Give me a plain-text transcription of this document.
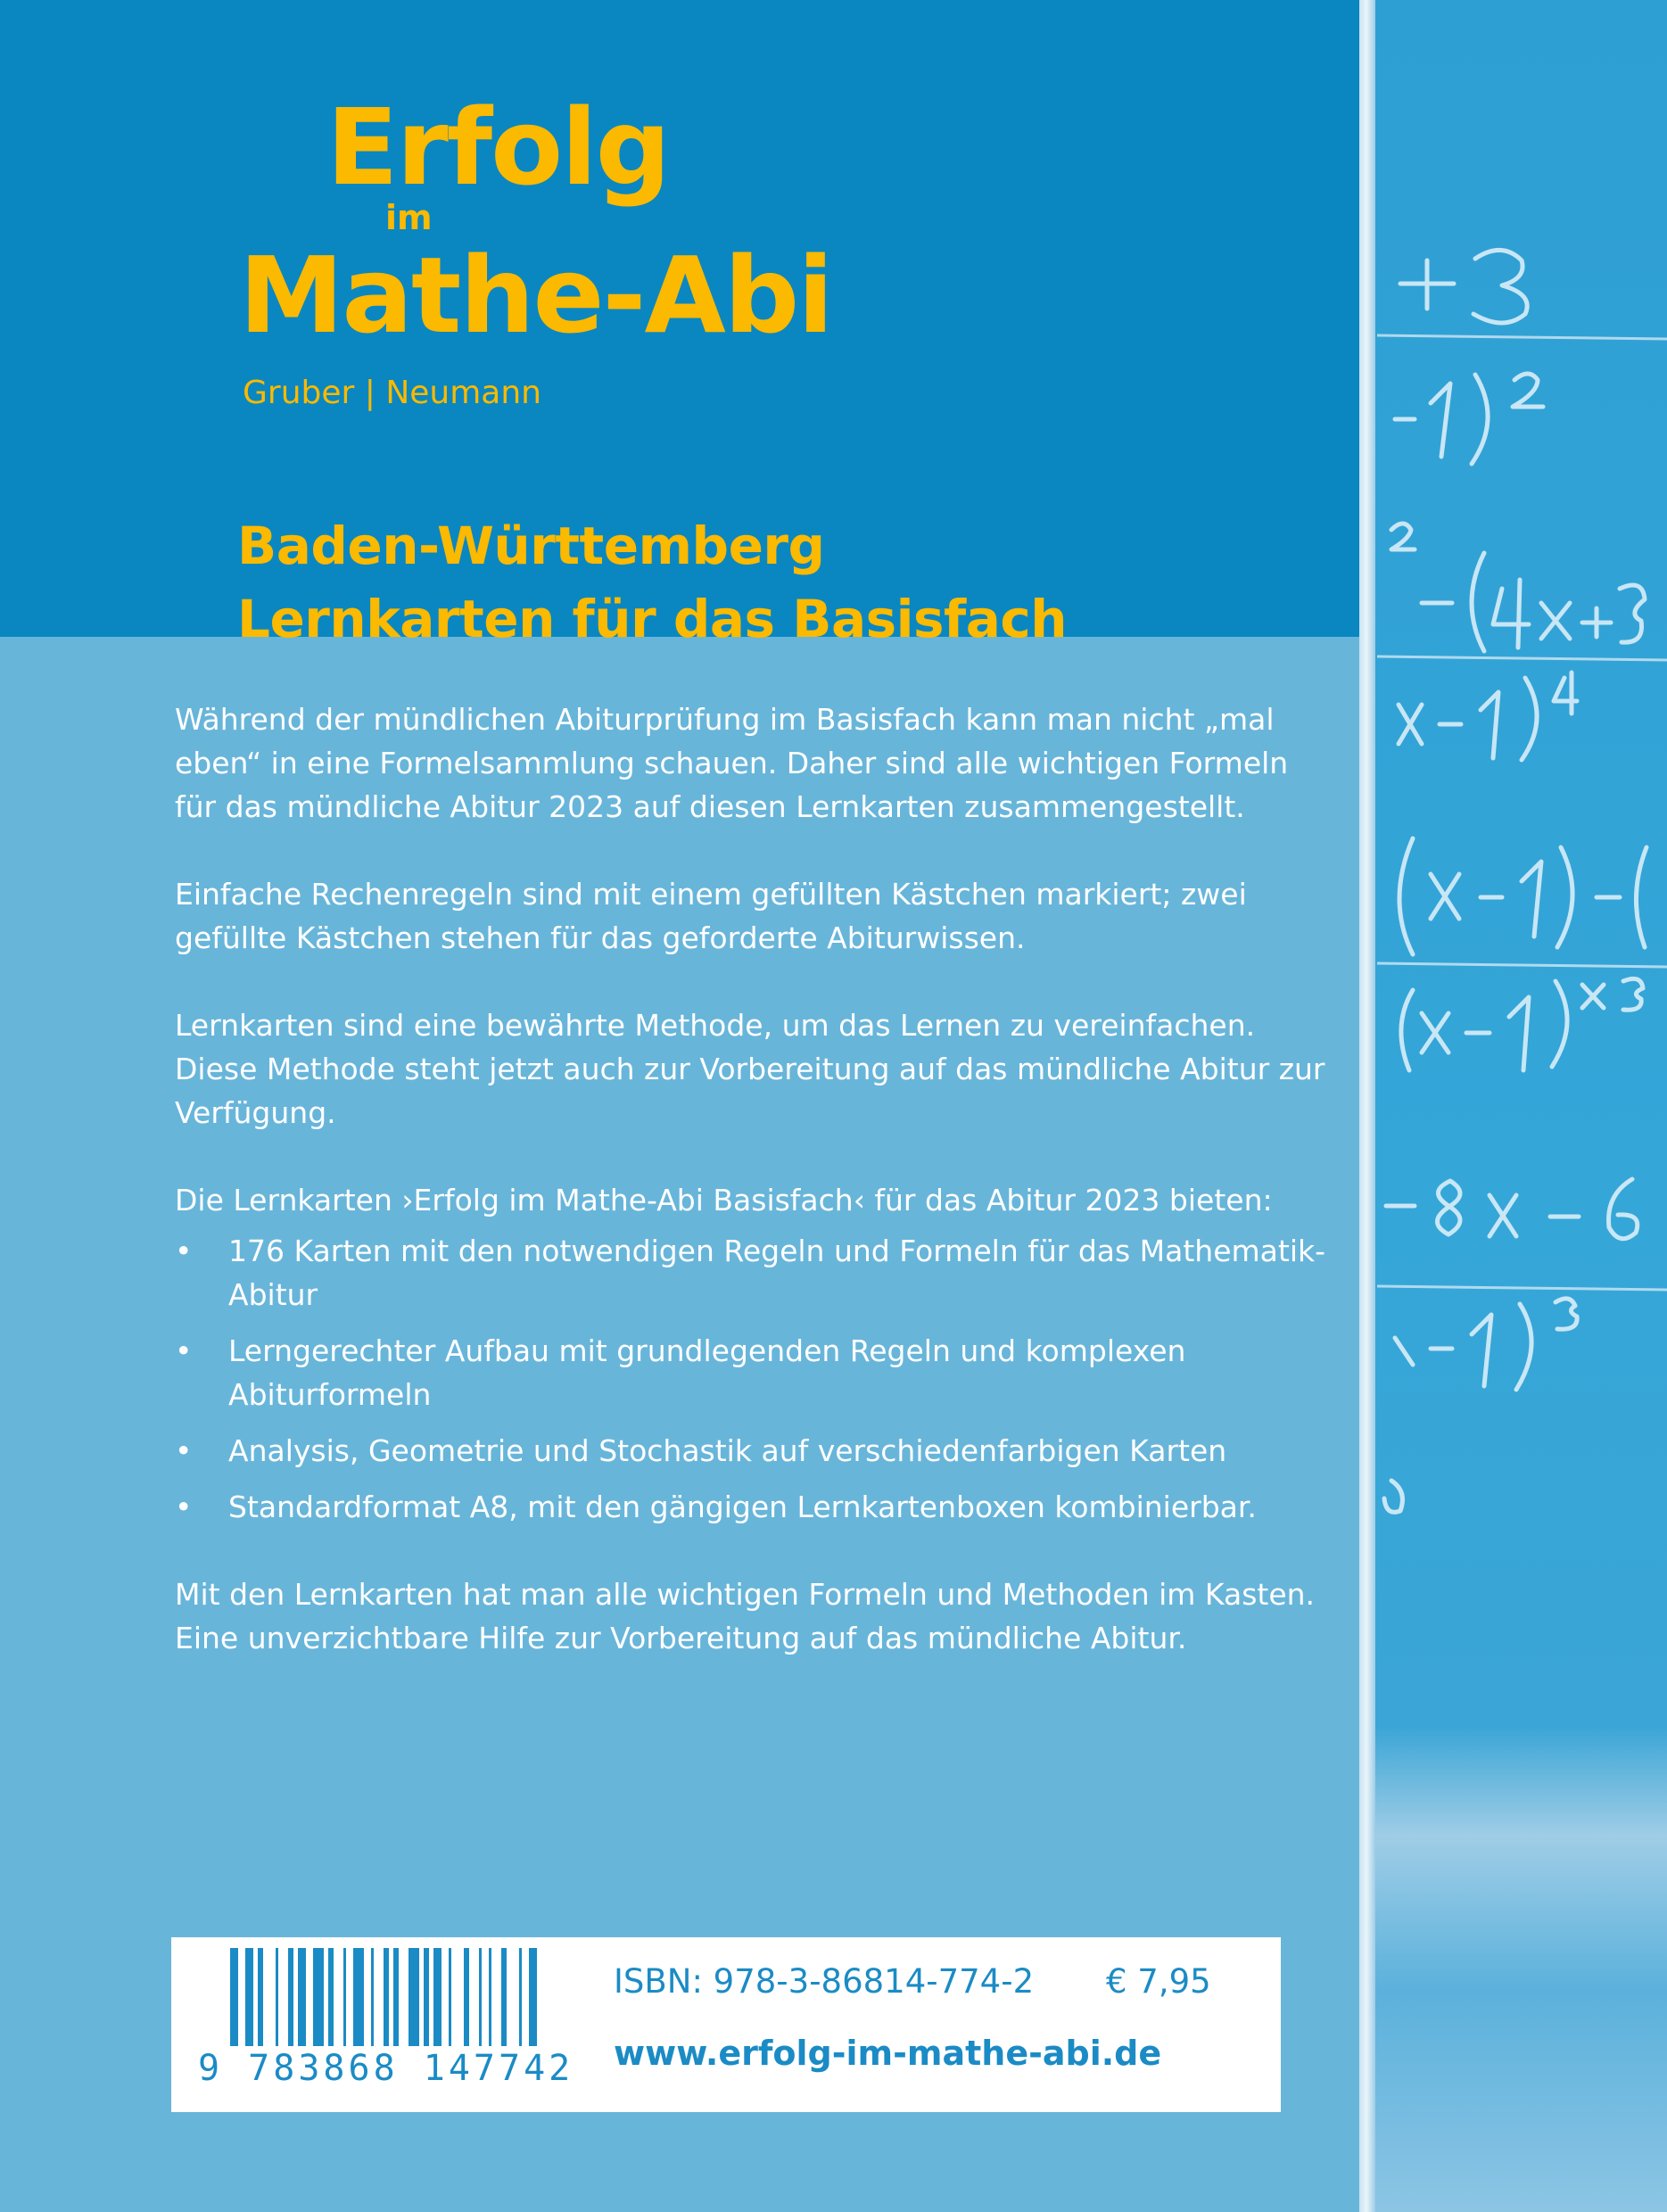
Erfolg
im
Mathe-Abi
Gruber | Neumann
Baden-Württemberg
Lernkarten für das Basisfach

Während der mündlichen Abiturprüfung im Basisfach kann man nicht „mal eben“ in eine Formelsammlung schauen. Daher sind alle wichtigen Formeln für das mündliche Abitur 2023 auf diesen Lernkarten zusammengestellt.

Einfache Rechenregeln sind mit einem gefüllten Kästchen markiert; zwei gefüllte Kästchen stehen für das geforderte Abiturwissen.

Lernkarten sind eine bewährte Methode, um das Lernen zu vereinfachen. Diese Methode steht jetzt auch zur Vorbereitung auf das mündliche Abitur zur Verfügung.

Die Lernkarten ›Erfolg im Mathe-Abi Basisfach‹ für das Abitur 2023 bieten:

• 176 Karten mit den notwendigen Regeln und Formeln für das Mathematik-Abitur
• Lerngerechter Aufbau mit grundlegenden Regeln und komplexen Abiturformeln
• Analysis, Geometrie und Stochastik auf verschiedenfarbigen Karten
• Standardformat A8, mit den gängigen Lernkartenboxen kombinierbar.

Mit den Lernkarten hat man alle wichtigen Formeln und Methoden im Kasten. Eine unverzichtbare Hilfe zur Vorbereitung auf das mündliche Abitur.

9 783868 147742
ISBN: 978-3-86814-774-2 € 7,95
www.erfolg-im-mathe-abi.de
